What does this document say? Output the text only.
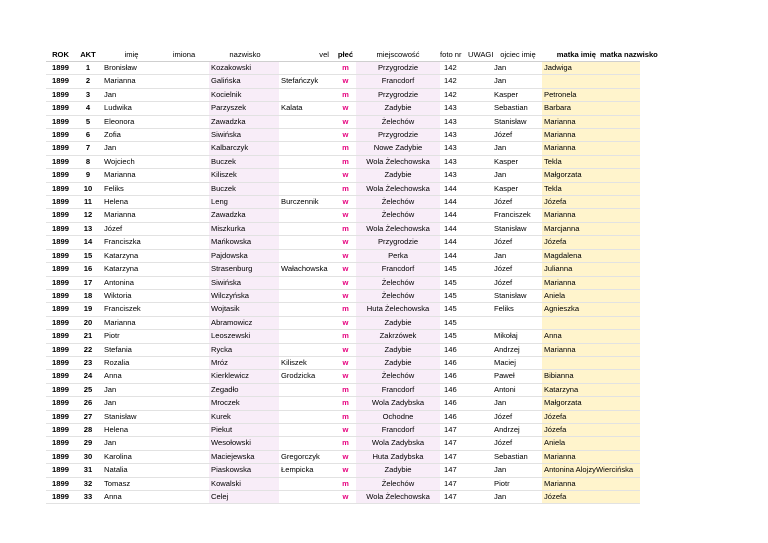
ROK	AKT	imię	imiona	nazwisko	vel	płeć	miejscowość	foto nr	UWAGI	ojciec imię	matka imię	matka nazwisko
1899	1	Bronisław		Kozakowski		m	Przygrodzie	142		Jan	Jadwiga	
1899	2	Marianna		Galińska	Stefańczyk	w	Francdorf	142		Jan		
1899	3	Jan		Kocielnik		m	Przygrodzie	142		Kasper	Petronela	
1899	4	Ludwika		Parzyszek	Kalata	w	Zadybie	143		Sebastian	Barbara	
1899	5	Eleonora		Zawadzka		w	Żelechów	143		Stanisław	Marianna	
1899	6	Zofia		Siwińska		w	Przygrodzie	143		Józef	Marianna	
1899	7	Jan		Kalbarczyk		m	Nowe Zadybie	143		Jan	Marianna	
1899	8	Wojciech		Buczek		m	Wola Żelechowska	143		Kasper	Tekla	
1899	9	Marianna		Kiliszek		w	Zadybie	143		Jan	Małgorzata	
1899	10	Feliks		Buczek		m	Wola Żelechowska	144		Kasper	Tekla	
1899	11	Helena		Leng	Burczennik	w	Żelechów	144		Józef	Józefa	
1899	12	Marianna		Zawadzka		w	Żelechów	144		Franciszek	Marianna	
1899	13	Józef		Miszkurka		m	Wola Żelechowska	144		Stanisław	Marcjanna	
1899	14	Franciszka		Mańkowska		w	Przygrodzie	144		Józef	Józefa	
1899	15	Katarzyna		Pajdowska		w	Perka	144		Jan	Magdalena	
1899	16	Katarzyna		Strasenburg	Wałachowska	w	Francdorf	145		Józef	Julianna	
1899	17	Antonina		Siwińska		w	Żelechów	145		Józef	Marianna	
1899	18	Wiktoria		Wilczyńska		w	Żelechów	145		Stanisław	Aniela	
1899	19	Franciszek		Wojtasik		m	Huta Żelechowska	145		Feliks	Agnieszka	
1899	20	Marianna		Abramowicz		w	Zadybie	145				
1899	21	Piotr		Leoszewski		m	Zakrzówek	145		Mikołaj	Anna	
1899	22	Stefania		Rycka		w	Zadybie	146		Andrzej	Marianna	
1899	23	Rozalia		Mróz	Kiliszek	w	Zadybie	146		Maciej		
1899	24	Anna		Kierklewicz	Grodzicka	w	Żelechów	146		Paweł	Bibianna	
1899	25	Jan		Zegadło		m	Francdorf	146		Antoni	Katarzyna	
1899	26	Jan		Mroczek		m	Wola Zadybska	146		Jan	Małgorzata	
1899	27	Stanisław		Kurek		m	Ochodne	146		Józef	Józefa	
1899	28	Helena		Piekut		w	Francdorf	147		Andrzej	Józefa	
1899	29	Jan		Wesołowski		m	Wola Zadybska	147		Józef	Aniela	
1899	30	Karolina		Maciejewska	Gregorczyk	w	Huta Zadybska	147		Sebastian	Marianna	
1899	31	Natalia		Piaskowska	Łempicka	w	Zadybie	147		Jan	Antonina Alojzy	Wiercińska
1899	32	Tomasz		Kowalski		m	Żelechów	147		Piotr	Marianna	
1899	33	Anna		Celej		w	Wola Żelechowska	147		Jan	Józefa	
